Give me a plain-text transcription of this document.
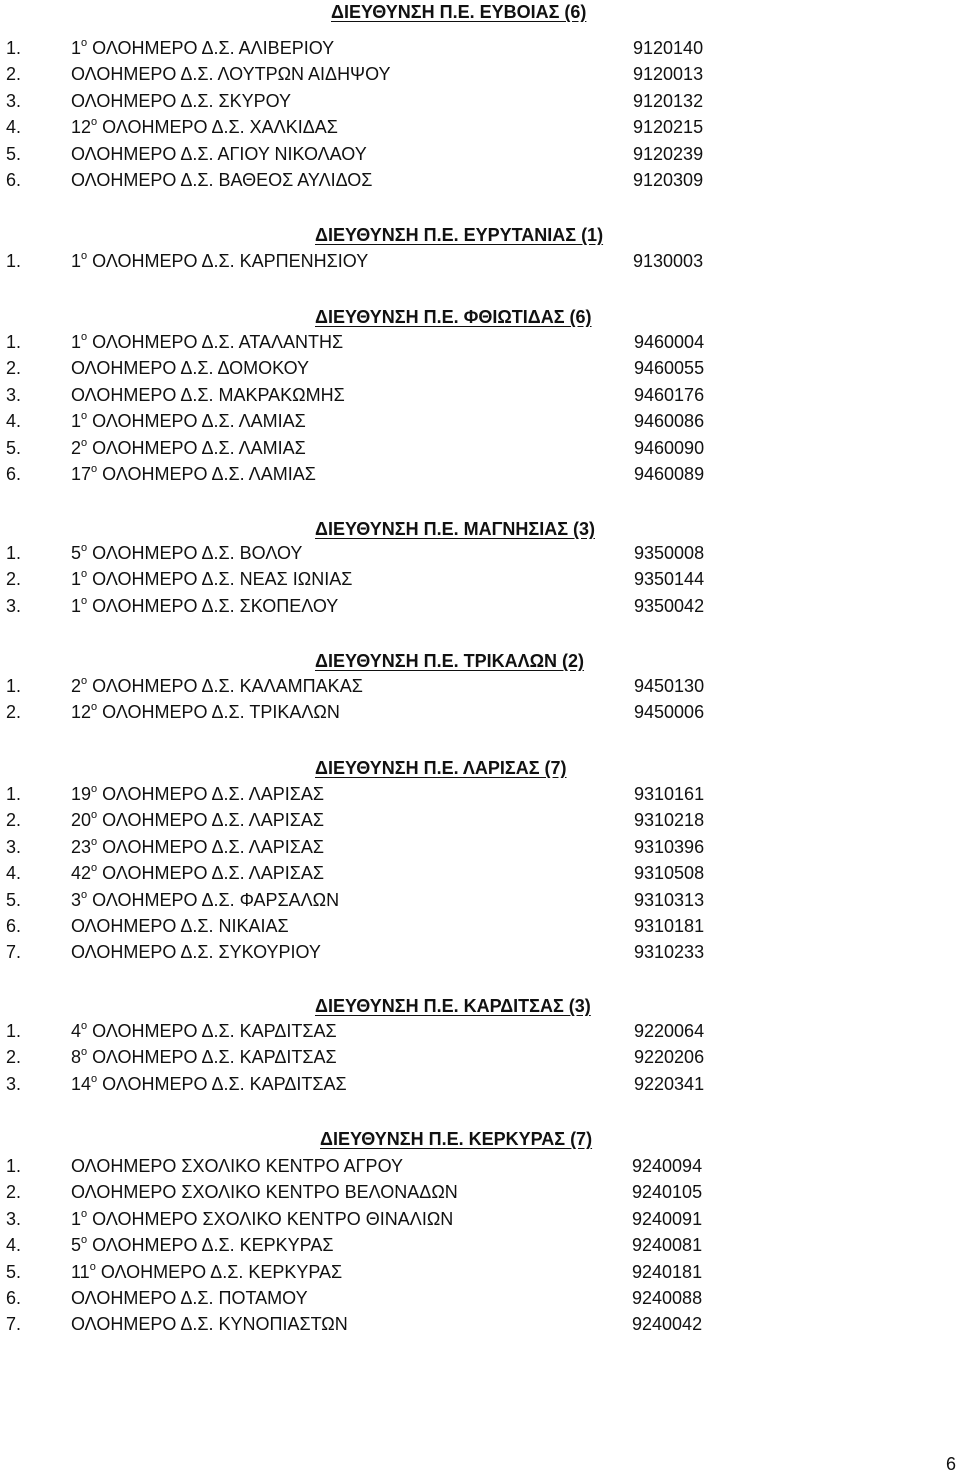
ΔΙΕΥΘΥΝΣΗ Π.Ε. ΕΥΒΟΙΑΣ (6)
1.	$1^o$ ΟΛΟΗΜΕΡΟ Δ.Σ. ΑΛΙΒΕΡΙΟΥ	9120140
2.	ΟΛΟΗΜΕΡΟ Δ.Σ. ΛΟΥΤΡΩΝ ΑΙΔΗΨΟΥ	9120013
3.	ΟΛΟΗΜΕΡΟ Δ.Σ. ΣΚΥΡΟΥ	9120132
4.	$12^o$ ΟΛΟΗΜΕΡΟ Δ.Σ. ΧΑΛΚΙΔΑΣ	9120215
5.	ΟΛΟΗΜΕΡΟ Δ.Σ. ΑΓΙΟΥ ΝΙΚΟΛΑΟΥ	9120239
6.	ΟΛΟΗΜΕΡΟ Δ.Σ. ΒΑΘΕΟΣ ΑΥΛΙΔΟΣ	9120309
ΔΙΕΥΘΥΝΣΗ Π.Ε. ΕΥΡΥΤΑΝΙΑΣ (1)
1.	$1^o$ ΟΛΟΗΜΕΡΟ Δ.Σ. ΚΑΡΠΕΝΗΣΙΟΥ	9130003
ΔΙΕΥΘΥΝΣΗ Π.Ε. ΦΘΙΩΤΙΔΑΣ (6)
1.	$1^o$ ΟΛΟΗΜΕΡΟ Δ.Σ. ΑΤΑΛΑΝΤΗΣ	9460004
2.	ΟΛΟΗΜΕΡΟ Δ.Σ. ΔΟΜΟΚΟΥ	9460055
3.	ΟΛΟΗΜΕΡΟ Δ.Σ. ΜΑΚΡΑΚΩΜΗΣ	9460176
4.	$1^o$ ΟΛΟΗΜΕΡΟ Δ.Σ. ΛΑΜΙΑΣ	9460086
5.	$2^o$ ΟΛΟΗΜΕΡΟ Δ.Σ. ΛΑΜΙΑΣ	9460090
6.	$17^o$ ΟΛΟΗΜΕΡΟ Δ.Σ. ΛΑΜΙΑΣ	9460089
ΔΙΕΥΘΥΝΣΗ Π.Ε. ΜΑΓΝΗΣΙΑΣ (3)
1.	$5^o$ ΟΛΟΗΜΕΡΟ Δ.Σ. ΒΟΛΟΥ	9350008
2.	$1^o$ ΟΛΟΗΜΕΡΟ Δ.Σ. ΝΕΑΣ ΙΩΝΙΑΣ	9350144
3.	$1^o$ ΟΛΟΗΜΕΡΟ Δ.Σ. ΣΚΟΠΕΛΟΥ	9350042
ΔΙΕΥΘΥΝΣΗ Π.Ε. ΤΡΙΚΑΛΩΝ (2)
1.	$2^o$ ΟΛΟΗΜΕΡΟ Δ.Σ. ΚΑΛΑΜΠΑΚΑΣ	9450130
2.	$12^o$ ΟΛΟΗΜΕΡΟ Δ.Σ. ΤΡΙΚΑΛΩΝ	9450006
ΔΙΕΥΘΥΝΣΗ Π.Ε. ΛΑΡΙΣΑΣ (7)
1.	$19^o$ ΟΛΟΗΜΕΡΟ Δ.Σ. ΛΑΡΙΣΑΣ	9310161
2.	$20^o$ ΟΛΟΗΜΕΡΟ Δ.Σ. ΛΑΡΙΣΑΣ	9310218
3.	$23^o$ ΟΛΟΗΜΕΡΟ Δ.Σ. ΛΑΡΙΣΑΣ	9310396
4.	$42^o$ ΟΛΟΗΜΕΡΟ Δ.Σ. ΛΑΡΙΣΑΣ	9310508
5.	$3^o$ ΟΛΟΗΜΕΡΟ Δ.Σ. ΦΑΡΣΑΛΩΝ	9310313
6.	ΟΛΟΗΜΕΡΟ Δ.Σ. ΝΙΚΑΙΑΣ	9310181
7.	ΟΛΟΗΜΕΡΟ Δ.Σ. ΣΥΚΟΥΡΙΟΥ	9310233
ΔΙΕΥΘΥΝΣΗ Π.Ε. ΚΑΡΔΙΤΣΑΣ (3)
1.	$4^o$ ΟΛΟΗΜΕΡΟ Δ.Σ. ΚΑΡΔΙΤΣΑΣ	9220064
2.	$8^o$ ΟΛΟΗΜΕΡΟ Δ.Σ. ΚΑΡΔΙΤΣΑΣ	9220206
3.	$14^o$ ΟΛΟΗΜΕΡΟ Δ.Σ. ΚΑΡΔΙΤΣΑΣ	9220341
ΔΙΕΥΘΥΝΣΗ Π.Ε. ΚΕΡΚΥΡΑΣ (7)
1.	ΟΛΟΗΜΕΡΟ ΣΧΟΛΙΚΟ ΚΕΝΤΡΟ ΑΓΡΟΥ	9240094
2.	ΟΛΟΗΜΕΡΟ ΣΧΟΛΙΚΟ ΚΕΝΤΡΟ ΒΕΛΟΝΑΔΩΝ	9240105
3.	$1^o$ ΟΛΟΗΜΕΡΟ ΣΧΟΛΙΚΟ ΚΕΝΤΡΟ ΘΙΝΑΛΙΩΝ	9240091
4.	$5^o$ ΟΛΟΗΜΕΡΟ Δ.Σ. ΚΕΡΚΥΡΑΣ	9240081
5.	$11^o$ ΟΛΟΗΜΕΡΟ Δ.Σ. ΚΕΡΚΥΡΑΣ	9240181
6.	ΟΛΟΗΜΕΡΟ Δ.Σ. ΠΟΤΑΜΟΥ	9240088
7.	ΟΛΟΗΜΕΡΟ Δ.Σ. ΚΥΝΟΠΙΑΣΤΩΝ	9240042
6
